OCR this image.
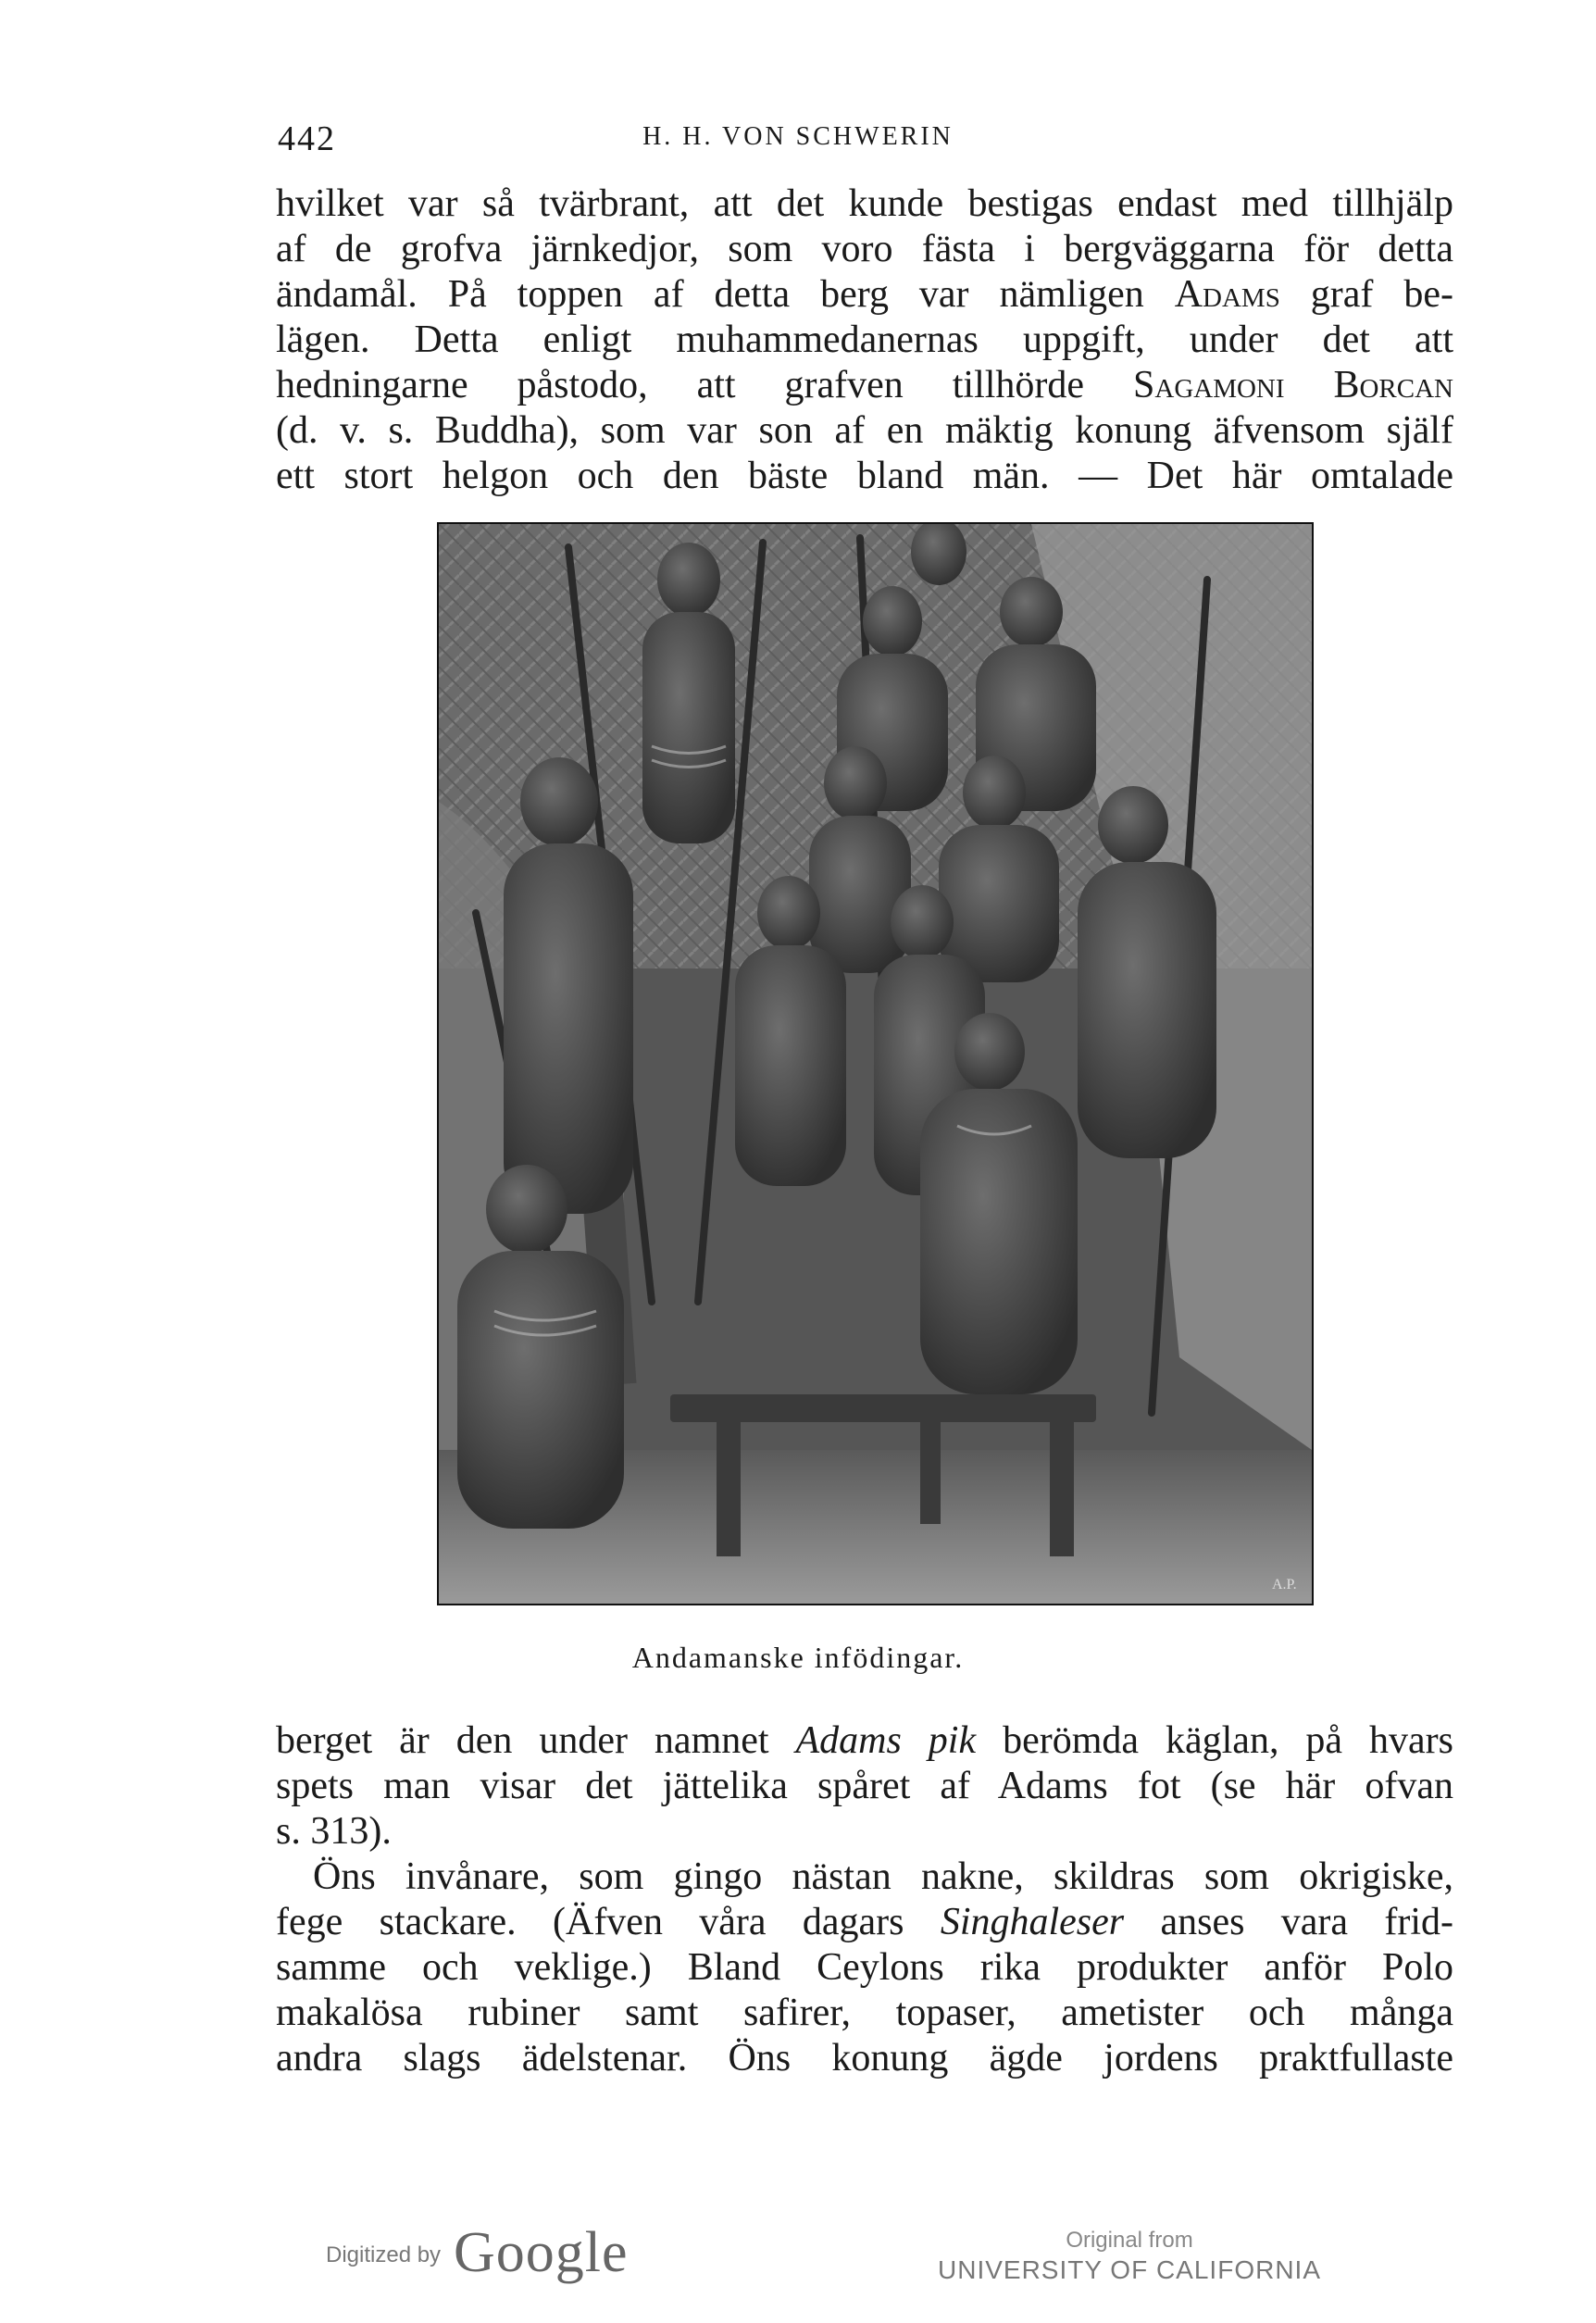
442	H. H. VON SCHWERIN
hvilket var så tvärbrant, att det kunde bestigas endast med tillhjälp
af de grofva järnkedjor, som voro fästa i bergväggarna för detta
ändamål. På toppen af detta berg var nämligen Adams graf be-
lägen. Detta enligt muhammedanernas uppgift, under det att
hedningarne påstodo, att grafven tillhörde Sagamoni Borcan
(d. v. s. Buddha), som var son af en mäktig konung äfvensom själf
ett stort helgon och den bäste bland män. — Det här omtalade
A.P.
Andamanske infödingar.
berget är den under namnet Adams pik berömda käglan, på hvars
spets man visar det jättelika spåret af Adams fot (se här ofvan
s. 313).
Öns invånare, som gingo nästan nakne, skildras som okrigiske,
fege stackare. (Äfven våra dagars Singhaleser anses vara frid-
samme och veklige.) Bland Ceylons rika produkter anför Polo
makalösa rubiner samt safirer, topaser, ametister och många
andra slags ädelstenar. Öns konung ägde jordens praktfullaste
Digitized by Google	Original from
UNIVERSITY OF CALIFORNIA
